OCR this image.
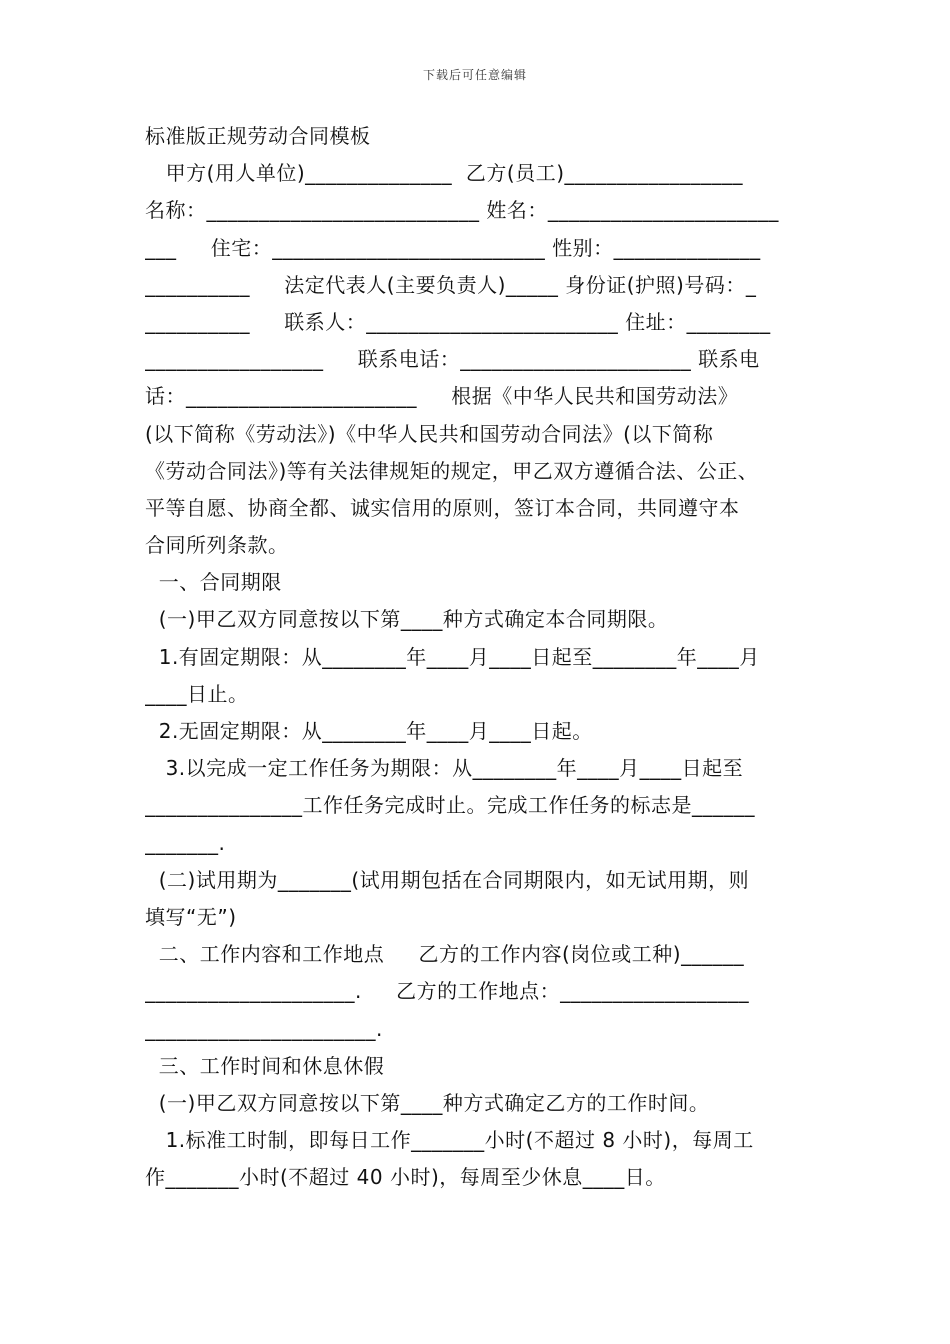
下载后可任意编辑
标准版正规劳动合同模板
甲方(用人单位)______________  乙方(员工)_________________
名称：__________________________ 姓名：______________________
___     住宅：__________________________ 性别：______________
__________     法定代表人(主要负责人)_____ 身份证(护照)号码：_
__________     联系人：________________________ 住址：________
_________________     联系电话：______________________ 联系电
话：______________________     根据《中华人民共和国劳动法》
(以下简称《劳动法》)《中华人民共和国劳动合同法》(以下简称
《劳动合同法》)等有关法律规矩的规定，甲乙双方遵循合法、公正、
平等自愿、协商全都、诚实信用的原则，签订本合同，共同遵守本
合同所列条款。
一、合同期限
(一)甲乙双方同意按以下第____种方式确定本合同期限。
1.有固定期限：从________年____月____日起至________年____月
____日止。
2.无固定期限：从________年____月____日起。
3.以完成一定工作任务为期限：从________年____月____日起至
_______________工作任务完成时止。完成工作任务的标志是______
_______.
(二)试用期为_______(试用期包括在合同期限内，如无试用期，则
填写“无”)
二、工作内容和工作地点     乙方的工作内容(岗位或工种)______
____________________.     乙方的工作地点：__________________
______________________.
三、工作时间和休息休假
(一)甲乙双方同意按以下第____种方式确定乙方的工作时间。
1.标准工时制，即每日工作_______小时(不超过 8 小时)，每周工
作_______小时(不超过 40 小时)，每周至少休息____日。
